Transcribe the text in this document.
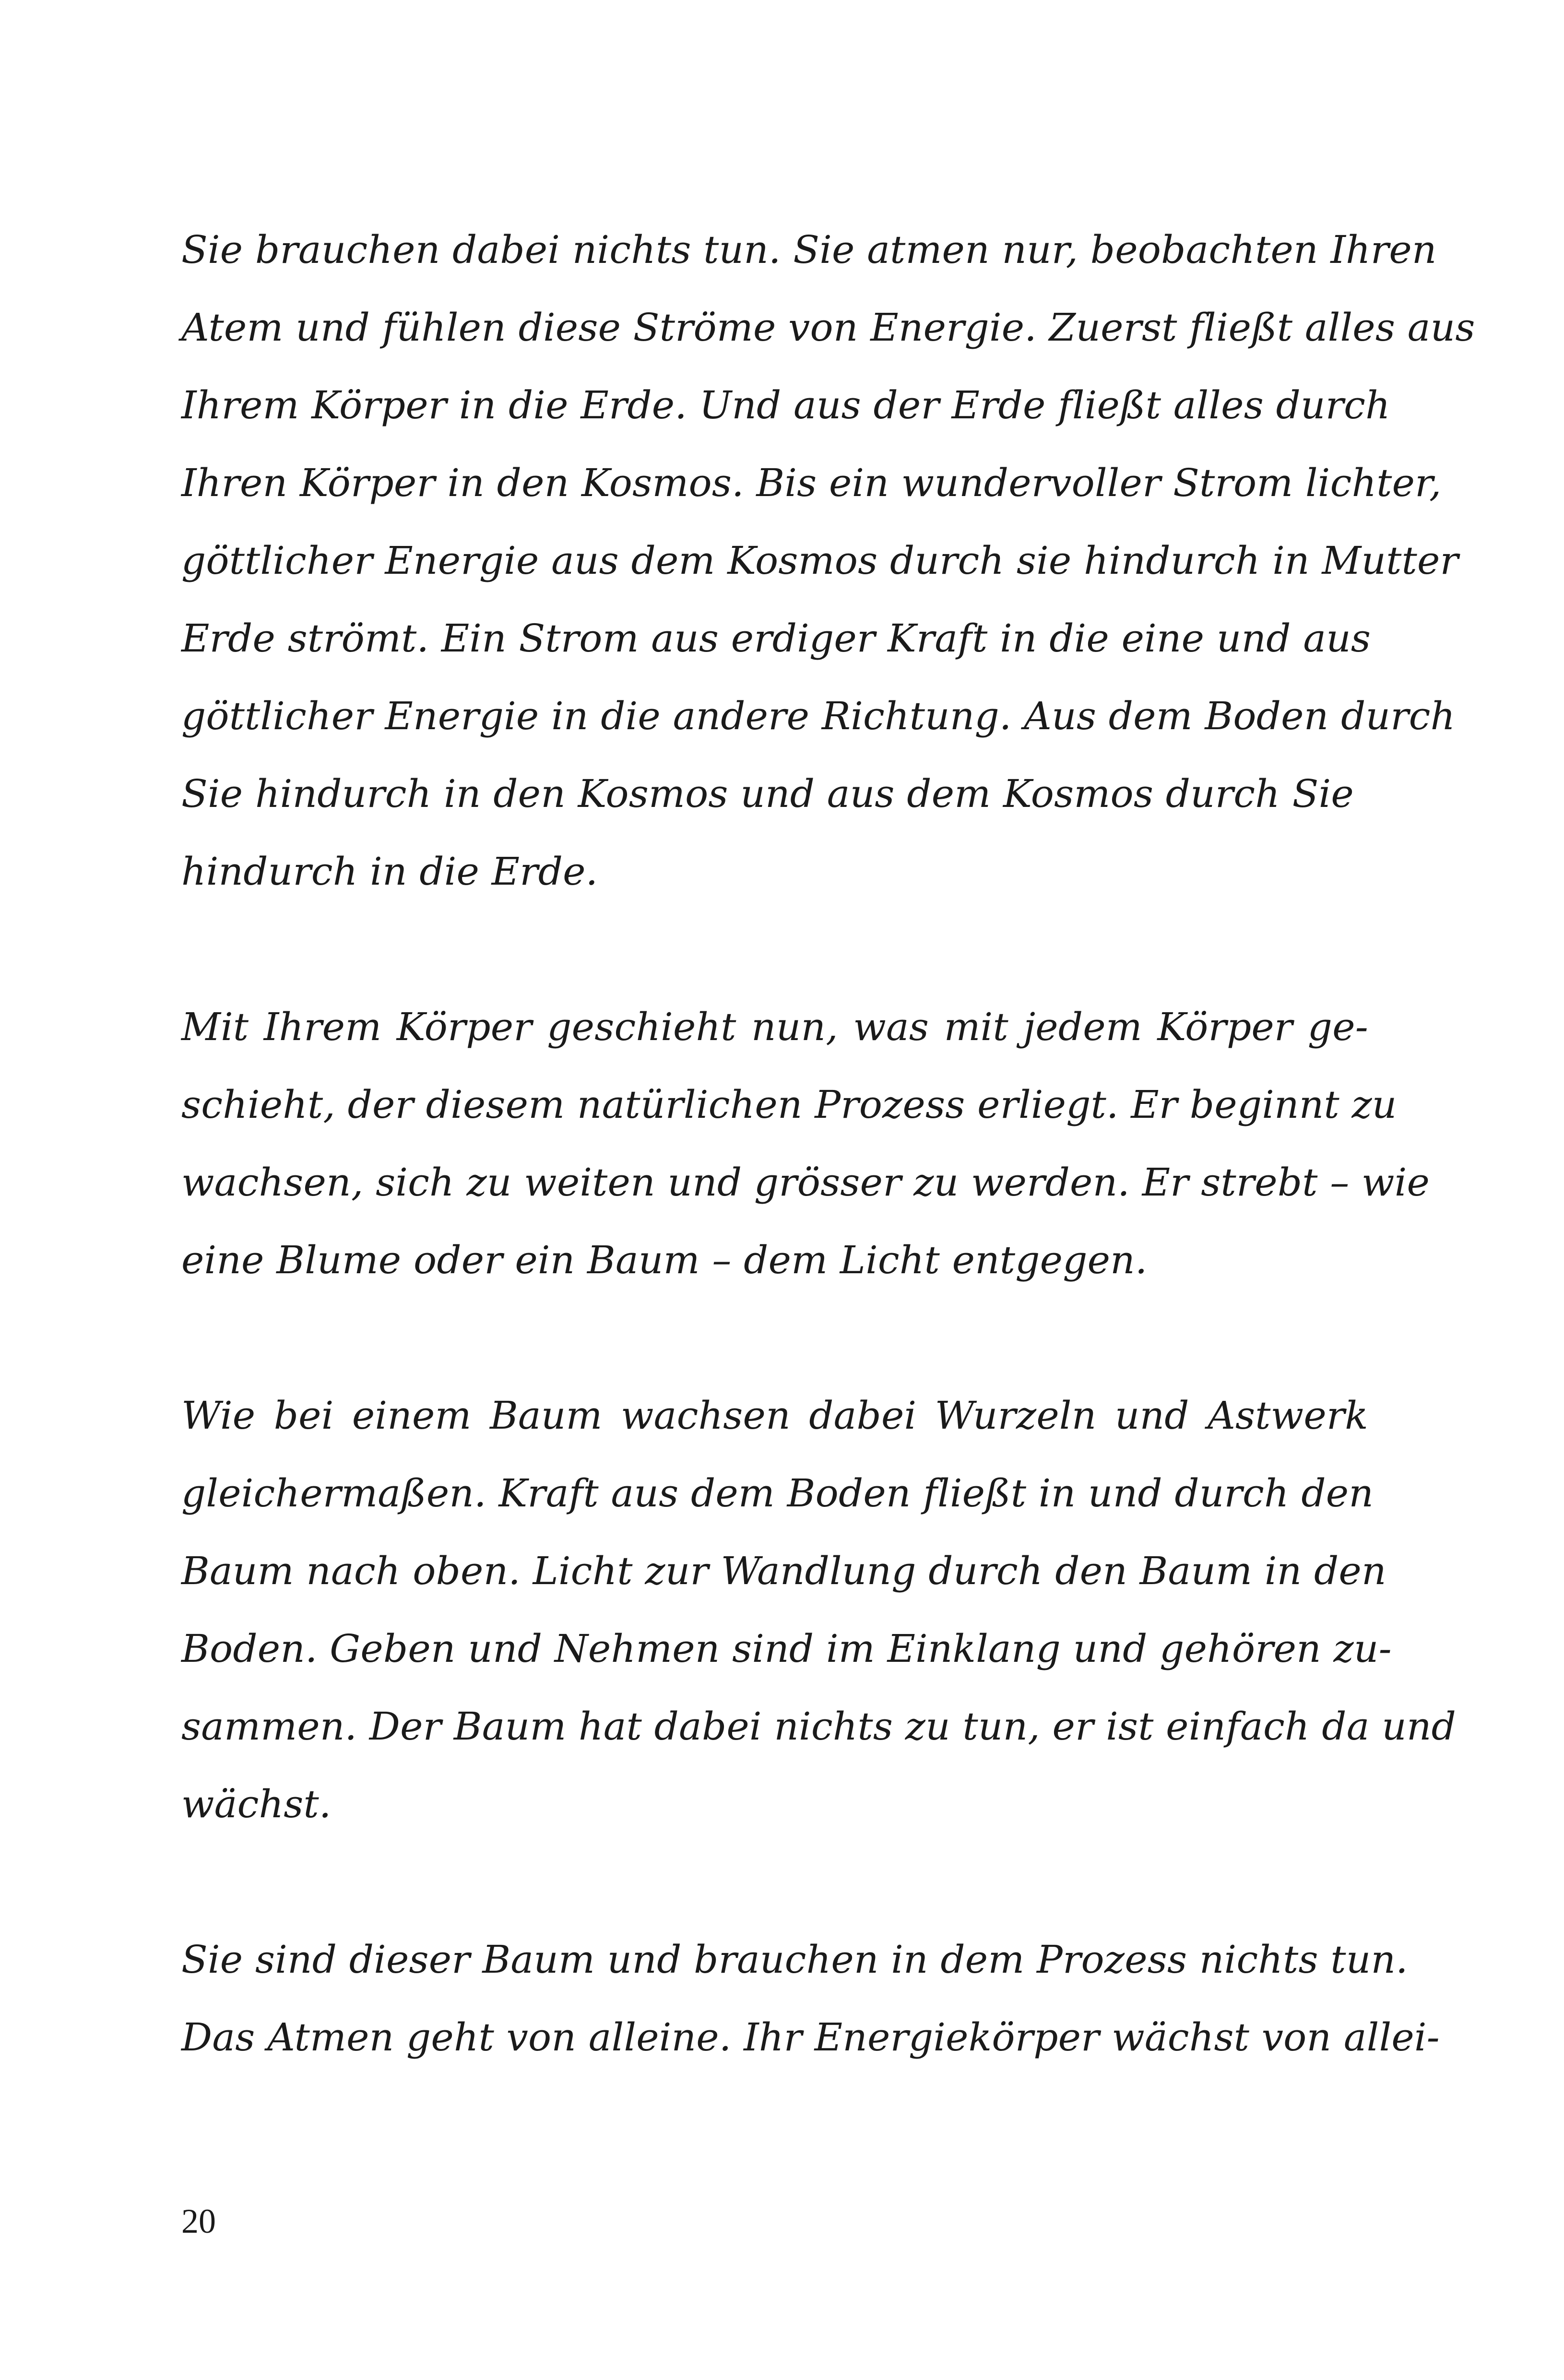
Sie brauchen dabei nichts tun. Sie atmen nur, beobachten Ihren
Atem und fühlen diese Ströme von Energie. Zuerst fließt alles aus
Ihrem Körper in die Erde. Und aus der Erde fließt alles durch
Ihren Körper in den Kosmos. Bis ein wundervoller Strom lichter,
göttlicher Energie aus dem Kosmos durch sie hindurch in Mutter
Erde strömt. Ein Strom aus erdiger Kraft in die eine und aus
göttlicher Energie in die andere Richtung. Aus dem Boden durch
Sie hindurch in den Kosmos und aus dem Kosmos durch Sie
hindurch in die Erde.

Mit Ihrem Körper geschieht nun, was mit jedem Körper ge-
schieht, der diesem natürlichen Prozess erliegt. Er beginnt zu
wachsen, sich zu weiten und grösser zu werden. Er strebt – wie
eine Blume oder ein Baum – dem Licht entgegen.

Wie bei einem Baum wachsen dabei Wurzeln und Astwerk
gleichermaßen. Kraft aus dem Boden fließt in und durch den
Baum nach oben. Licht zur Wandlung durch den Baum in den
Boden. Geben und Nehmen sind im Einklang und gehören zu-
sammen. Der Baum hat dabei nichts zu tun, er ist einfach da und
wächst.

Sie sind dieser Baum und brauchen in dem Prozess nichts tun.
Das Atmen geht von alleine. Ihr Energiekörper wächst von allei-

20
